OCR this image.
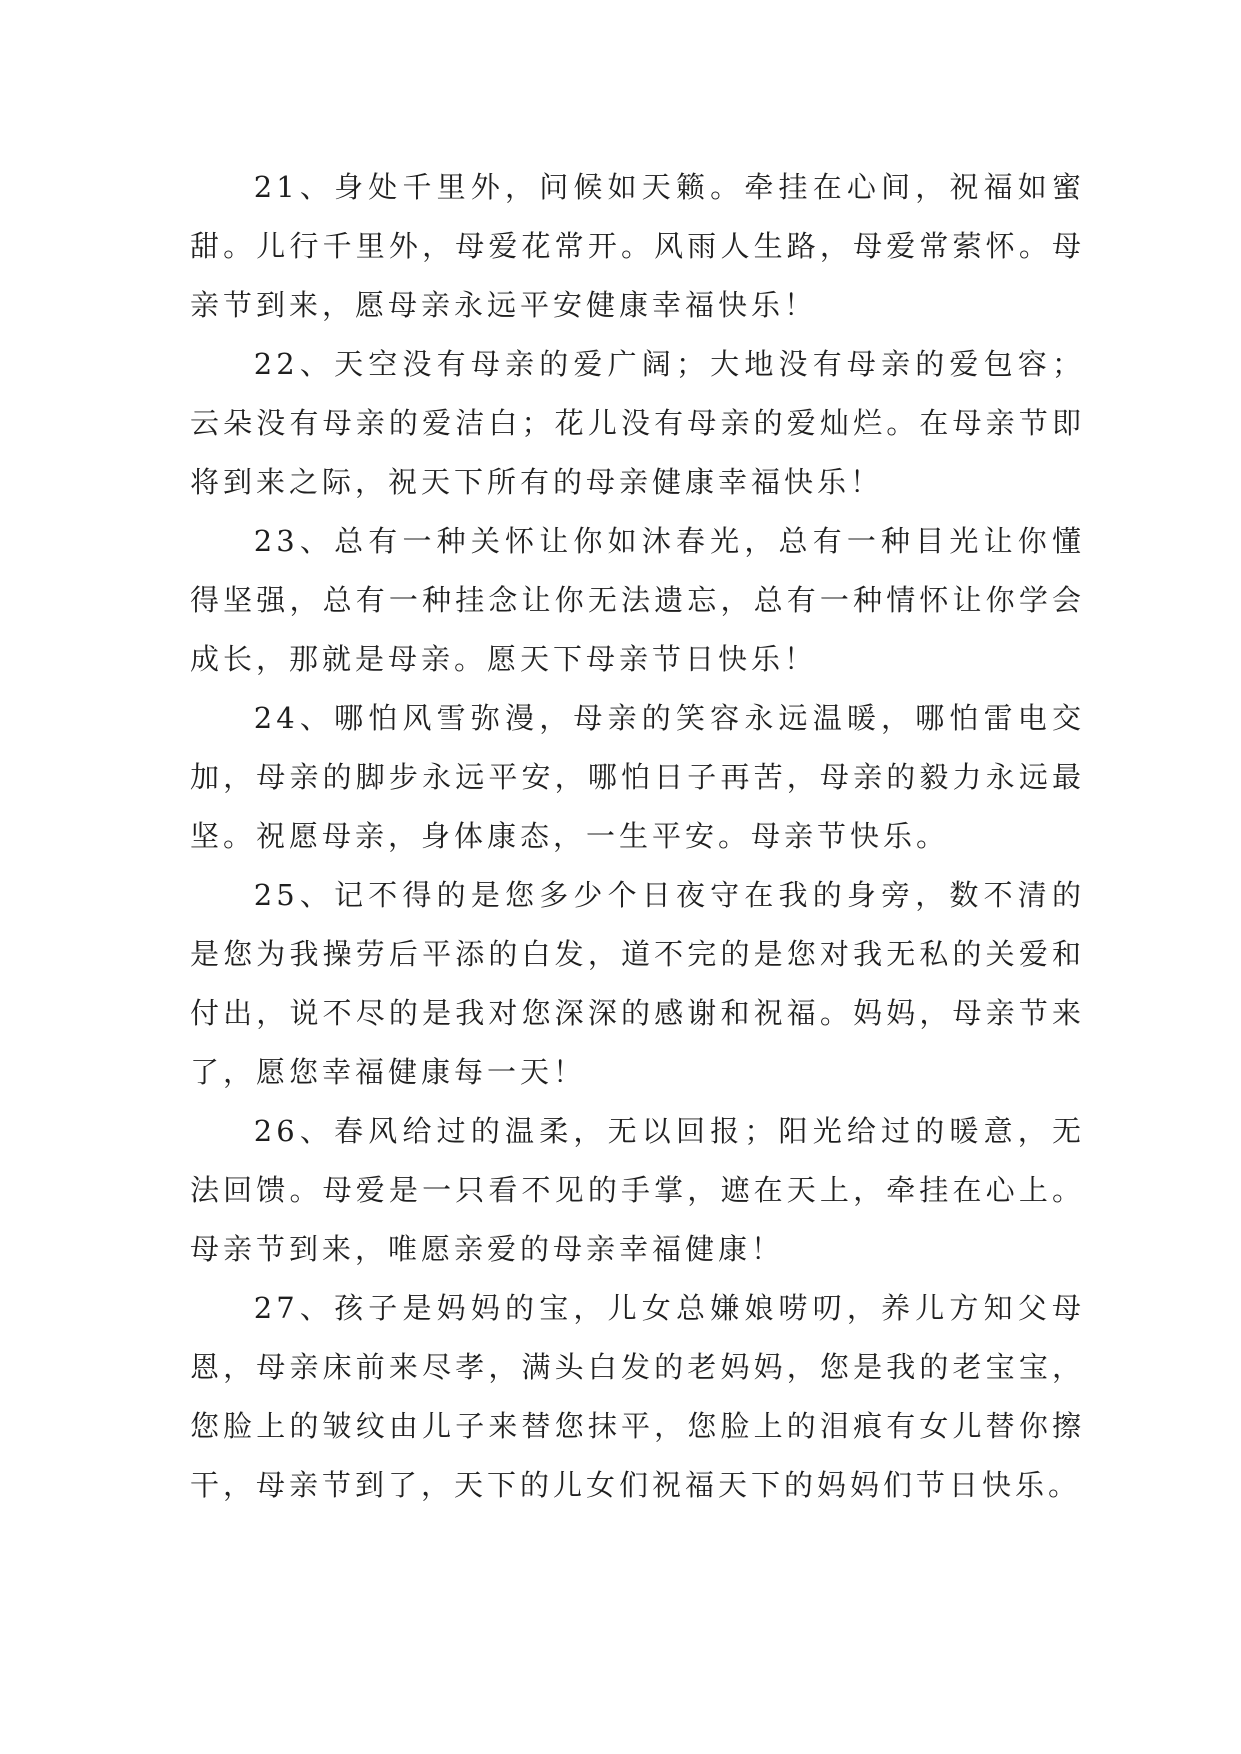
21、身处千里外，问候如天籁。牵挂在心间，祝福如蜜甜。儿行千里外，母爱花常开。风雨人生路，母爱常萦怀。母亲节到来，愿母亲永远平安健康幸福快乐！

22、天空没有母亲的爱广阔；大地没有母亲的爱包容；云朵没有母亲的爱洁白；花儿没有母亲的爱灿烂。在母亲节即将到来之际，祝天下所有的母亲健康幸福快乐！

23、总有一种关怀让你如沐春光，总有一种目光让你懂得坚强，总有一种挂念让你无法遗忘，总有一种情怀让你学会成长，那就是母亲。愿天下母亲节日快乐！

24、哪怕风雪弥漫，母亲的笑容永远温暖，哪怕雷电交加，母亲的脚步永远平安，哪怕日子再苦，母亲的毅力永远最坚。祝愿母亲，身体康态，一生平安。母亲节快乐。

25、记不得的是您多少个日夜守在我的身旁，数不清的是您为我操劳后平添的白发，道不完的是您对我无私的关爱和付出，说不尽的是我对您深深的感谢和祝福。妈妈，母亲节来了，愿您幸福健康每一天！

26、春风给过的温柔，无以回报；阳光给过的暖意，无法回馈。母爱是一只看不见的手掌，遮在天上，牵挂在心上。母亲节到来，唯愿亲爱的母亲幸福健康！

27、孩子是妈妈的宝，儿女总嫌娘唠叨，养儿方知父母恩，母亲床前来尽孝，满头白发的老妈妈，您是我的老宝宝，您脸上的皱纹由儿子来替您抹平，您脸上的泪痕有女儿替你擦干，母亲节到了，天下的儿女们祝福天下的妈妈们节日快乐。
